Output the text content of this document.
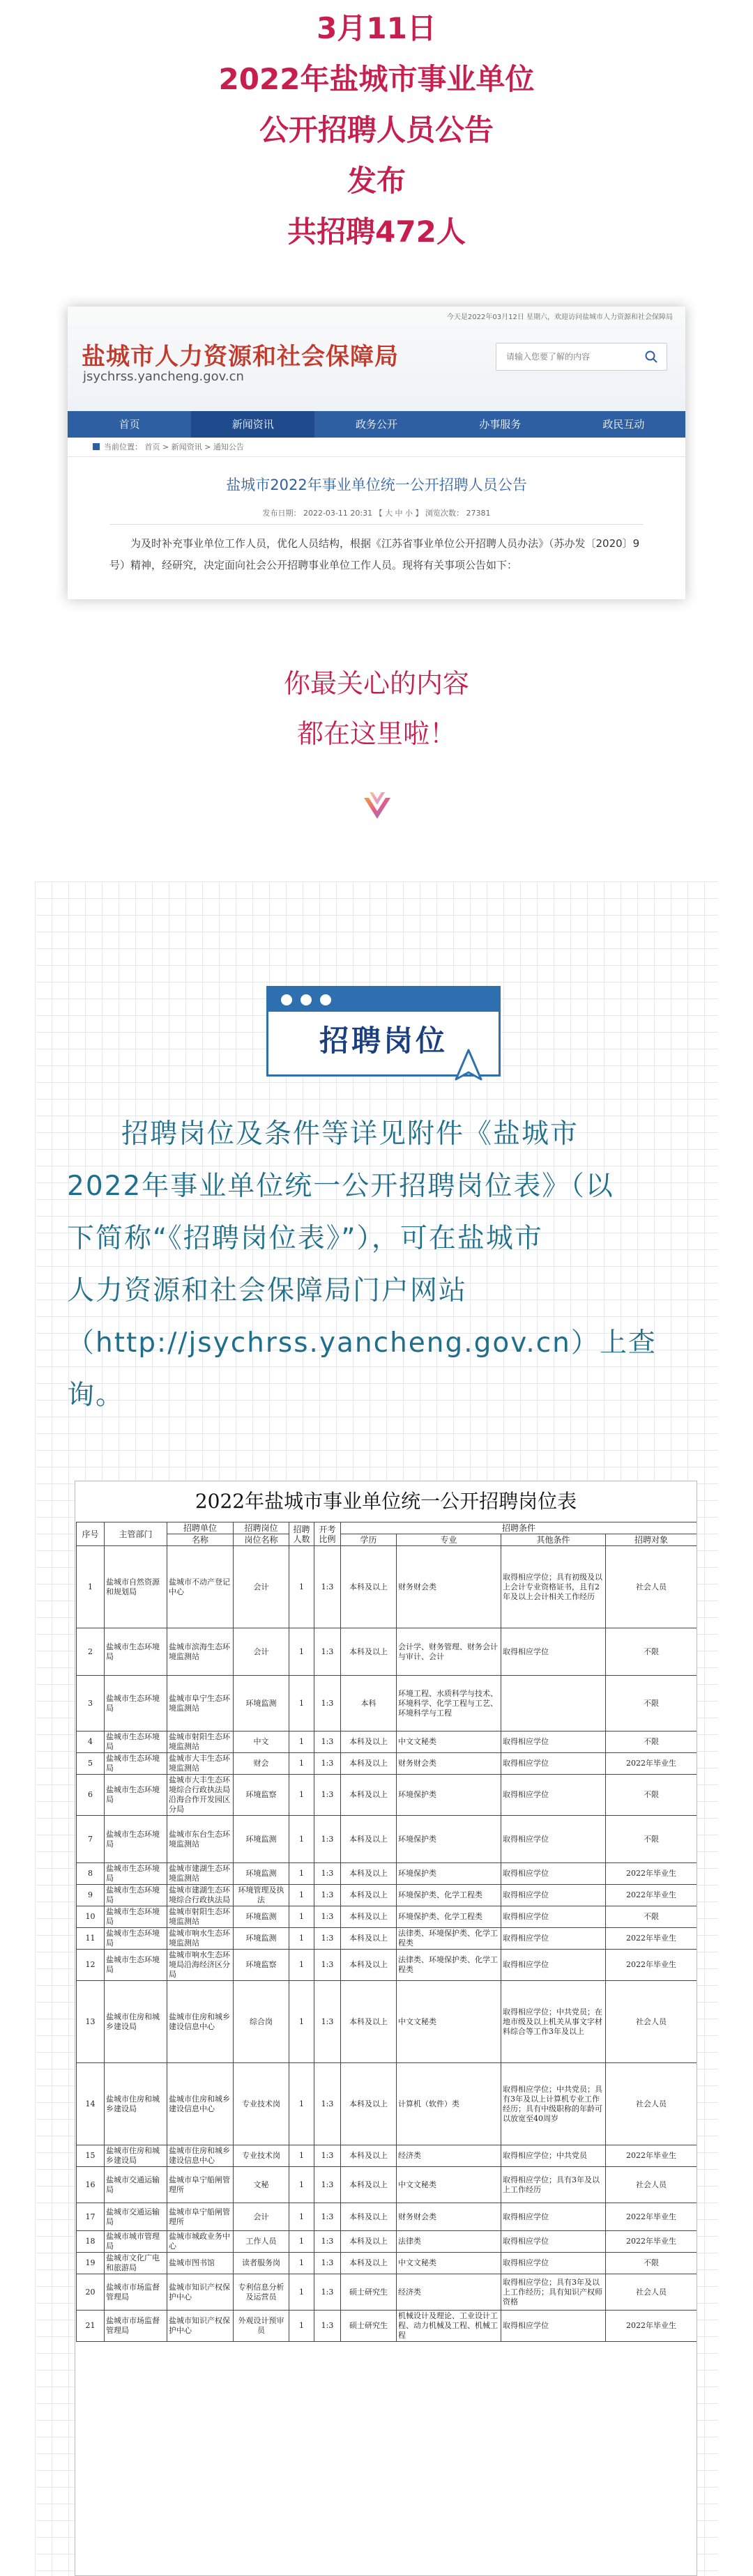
3月11日
2022年盐城市事业单位
公开招聘人员公告
发布
共招聘472人
今天是2022年03月12日 星期六，欢迎访问盐城市人力资源和社会保障局
盐城市人力资源和社会保障局
jsychrss.yancheng.gov.cn
请输入您要了解的内容
首页	新闻资讯	政务公开	办事服务	政民互动
当前位置： 首页 > 新闻资讯 > 通知公告
盐城市2022年事业单位统一公开招聘人员公告
发布日期： 2022-03-11 20:31 【 大 中 小 】 浏览次数： 27381
为及时补充事业单位工作人员，优化人员结构，根据《江苏省事业单位公开招聘人员办法》（苏办发〔2020〕9号）精神，经研究，决定面向社会公开招聘事业单位工作人员。现将有关事项公告如下：
你最关心的内容
都在这里啦！
招聘岗位
招聘岗位及条件等详见附件《盐城市
2022年事业单位统一公开招聘岗位表》（以
下简称“《招聘岗位表》”），可在盐城市
人力资源和社会保障局门户网站
（http://jsychrss.yancheng.gov.cn）上查
询。
2022年盐城市事业单位统一公开招聘岗位表
序号	主管部门	招聘单位	招聘岗位	招聘人数	开考比例	招聘条件			
		名称	岗位名称			学历	专业	其他条件	招聘对象
1	盐城市自然资源和规划局	盐城市不动产登记中心	会计	1	1:3	本科及以上	财务财会类	取得相应学位；具有初级及以上会计专业资格证书，且有2年及以上会计相关工作经历	社会人员
2	盐城市生态环境局	盐城市滨海生态环境监测站	会计	1	1:3	本科及以上	会计学、财务管理、财务会计与审计、会计	取得相应学位	不限
3	盐城市生态环境局	盐城市阜宁生态环境监测站	环境监测	1	1:3	本科	环境工程、水质科学与技术、环境科学、化学工程与工艺、环境科学与工程		不限
4	盐城市生态环境局	盐城市射阳生态环境监测站	中文	1	1:3	本科及以上	中文文秘类	取得相应学位	不限
5	盐城市生态环境局	盐城市大丰生态环境监测站	财会	1	1:3	本科及以上	财务财会类	取得相应学位	2022年毕业生
6	盐城市生态环境局	盐城市大丰生态环境综合行政执法局沿海合作开发园区分局	环境监察	1	1:3	本科及以上	环境保护类	取得相应学位	不限
7	盐城市生态环境局	盐城市东台生态环境监测站	环境监测	1	1:3	本科及以上	环境保护类	取得相应学位	不限
8	盐城市生态环境局	盐城市建湖生态环境监测站	环境监测	1	1:3	本科及以上	环境保护类	取得相应学位	2022年毕业生
9	盐城市生态环境局	盐城市建湖生态环境综合行政执法局	环境管理及执法	1	1:3	本科及以上	环境保护类、化学工程类	取得相应学位	2022年毕业生
10	盐城市生态环境局	盐城市射阳生态环境监测站	环境监测	1	1:3	本科及以上	环境保护类、化学工程类	取得相应学位	不限
11	盐城市生态环境局	盐城市响水生态环境监测站	环境监测	1	1:3	本科及以上	法律类、环境保护类、化学工程类	取得相应学位	2022年毕业生
12	盐城市生态环境局	盐城市响水生态环境局沿海经济区分局	环境监察	1	1:3	本科及以上	法律类、环境保护类、化学工程类	取得相应学位	2022年毕业生
13	盐城市住房和城乡建设局	盐城市住房和城乡建设信息中心	综合岗	1	1:3	本科及以上	中文文秘类	取得相应学位；中共党员；在地市级及以上机关从事文字材料综合等工作3年及以上	社会人员
14	盐城市住房和城乡建设局	盐城市住房和城乡建设信息中心	专业技术岗	1	1:3	本科及以上	计算机（软件）类	取得相应学位；中共党员；具有3年及以上计算机专业工作经历；具有中级职称的年龄可以放宽至40周岁	社会人员
15	盐城市住房和城乡建设局	盐城市住房和城乡建设信息中心	专业技术岗	1	1:3	本科及以上	经济类	取得相应学位；中共党员	2022年毕业生
16	盐城市交通运输局	盐城市阜宁船闸管理所	文秘	1	1:3	本科及以上	中文文秘类	取得相应学位；具有3年及以上工作经历	社会人员
17	盐城市交通运输局	盐城市阜宁船闸管理所	会计	1	1:3	本科及以上	财务财会类	取得相应学位	2022年毕业生
18	盐城市城市管理局	盐城市城政业务中心	工作人员	1	1:3	本科及以上	法律类	取得相应学位	2022年毕业生
19	盐城市文化广电和旅游局	盐城市图书馆	读者服务岗	1	1:3	本科及以上	中文文秘类	取得相应学位	不限
20	盐城市市场监督管理局	盐城市知识产权保护中心	专利信息分析及运营员	1	1:3	硕士研究生	经济类	取得相应学位；具有3年及以上工作经历；具有知识产权师资格	社会人员
21	盐城市市场监督管理局	盐城市知识产权保护中心	外观设计预审员	1	1:3	硕士研究生	机械设计及理论、工业设计工程、动力机械及工程、机械工程	取得相应学位	2022年毕业生
